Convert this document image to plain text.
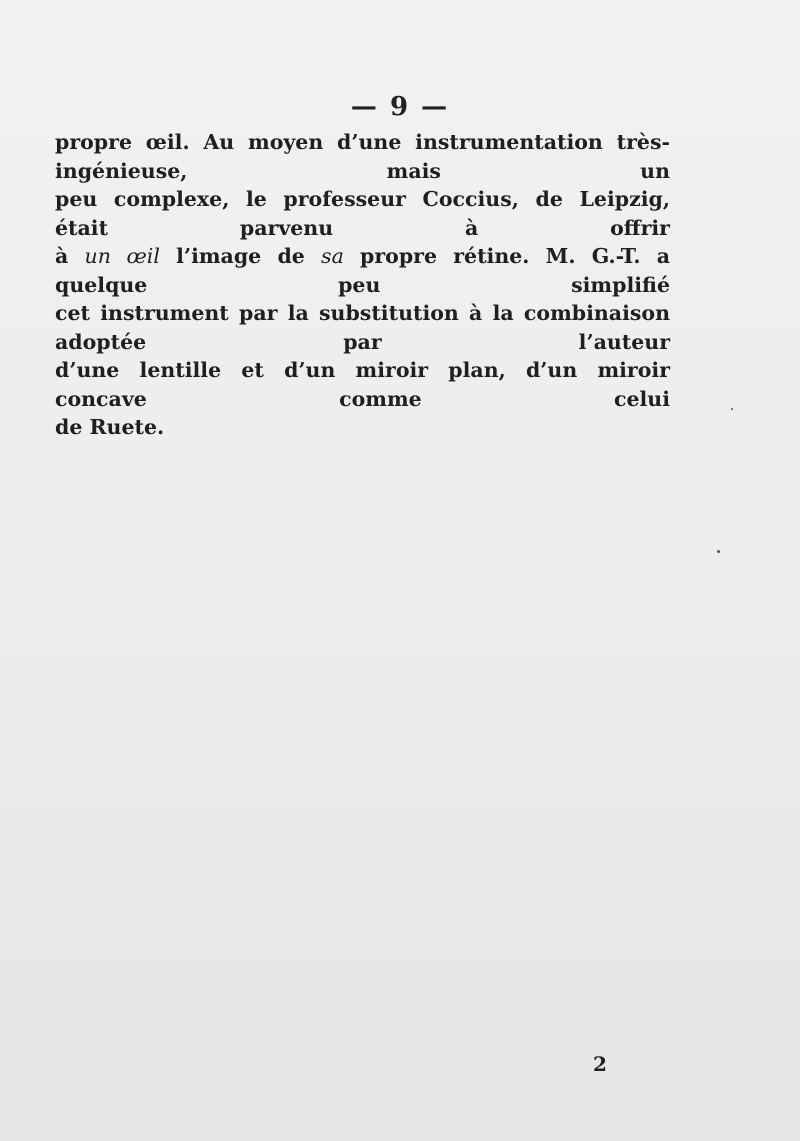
— 9 —
propre œil. Au moyen d’une instrumentation très-ingénieuse, mais un
peu complexe, le professeur Coccius, de Leipzig, était parvenu à offrir
à un œil l’image de sa propre rétine. M. G.-T. a quelque peu simplifié
cet instrument par la substitution à la combinaison adoptée par l’auteur
d’une lentille et d’un miroir plan, d’un miroir concave comme celui
de Ruete.
2
